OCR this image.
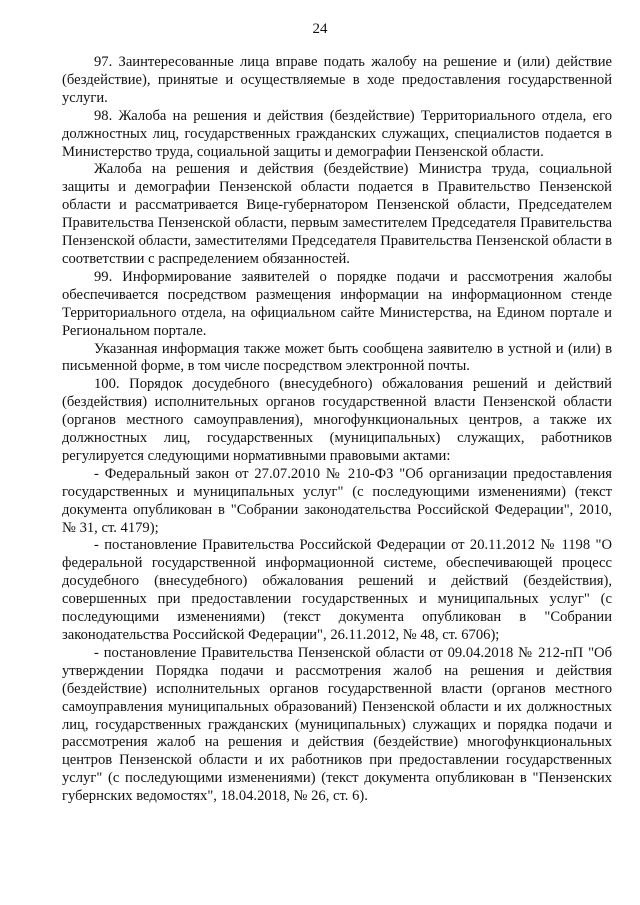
24

97. Заинтересованные лица вправе подать жалобу на решение и (или) действие (бездействие), принятые и осуществляемые в ходе предоставления государственной услуги.

98. Жалоба на решения и действия (бездействие) Территориального отдела, его должностных лиц, государственных гражданских служащих, специалистов подается в Министерство труда, социальной защиты и демографии Пензенской области.

Жалоба на решения и действия (бездействие) Министра труда, социальной защиты и демографии Пензенской области подается в Правительство Пензенской области и рассматривается Вице-губернатором Пензенской области, Председателем Правительства Пензенской области, первым заместителем Председателя Правительства Пензенской области, заместителями Председателя Правительства Пензенской области в соответствии с распределением обязанностей.

99. Информирование заявителей о порядке подачи и рассмотрения жалобы обеспечивается посредством размещения информации на информационном стенде Территориального отдела, на официальном сайте Министерства, на Едином портале и Региональном портале.

Указанная информация также может быть сообщена заявителю в устной и (или) в письменной форме, в том числе посредством электронной почты.

100. Порядок досудебного (внесудебного) обжалования решений и действий (бездействия) исполнительных органов государственной власти Пензенской области (органов местного самоуправления), многофункциональных центров, а также их должностных лиц, государственных (муниципальных) служащих, работников регулируется следующими нормативными правовыми актами:

- Федеральный закон от 27.07.2010 № 210-ФЗ "Об организации предоставления государственных и муниципальных услуг" (с последующими изменениями) (текст документа опубликован в "Собрании законодательства Российской Федерации", 2010, № 31, ст. 4179);

- постановление Правительства Российской Федерации от 20.11.2012 № 1198 "О федеральной государственной информационной системе, обеспечивающей процесс досудебного (внесудебного) обжалования решений и действий (бездействия), совершенных при предоставлении государственных и муниципальных услуг" (с последующими изменениями) (текст документа опубликован в "Собрании законодательства Российской Федерации", 26.11.2012, № 48, ст. 6706);

- постановление Правительства Пензенской области от 09.04.2018 № 212-пП "Об утверждении Порядка подачи и рассмотрения жалоб на решения и действия (бездействие) исполнительных органов государственной власти (органов местного самоуправления муниципальных образований) Пензенской области и их должностных лиц, государственных гражданских (муниципальных) служащих и порядка подачи и рассмотрения жалоб на решения и действия (бездействие) многофункциональных центров Пензенской области и их работников при предоставлении государственных услуг" (с последующими изменениями) (текст документа опубликован в "Пензенских губернских ведомостях", 18.04.2018, № 26, ст. 6).
